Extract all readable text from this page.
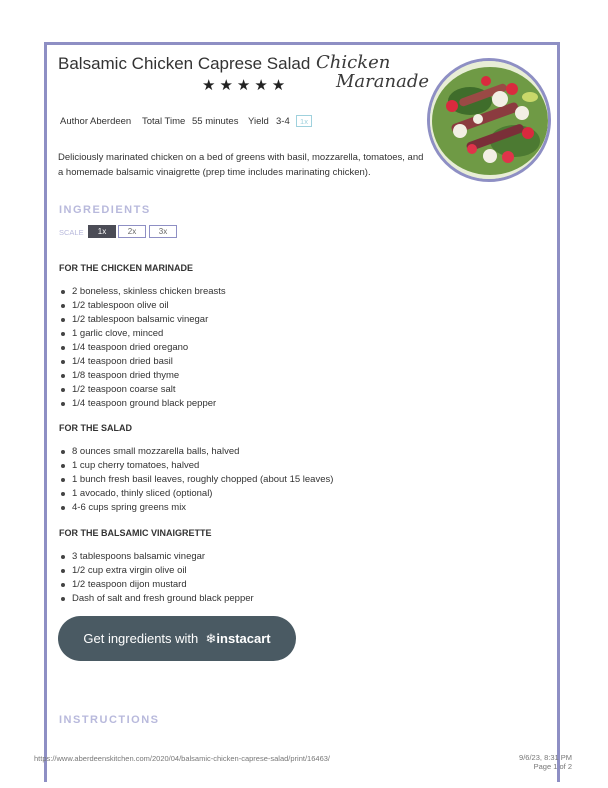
Balsamic Chicken Caprese Salad Chicken
Maranade
★★★★★
Author Aberdeen Total Time 55 minutes Yield 3-4	1x

Deliciously marinated chicken on a bed of greens with basil, mozzarella, tomatoes, and a homemade balsamic vinaigrette (prep time includes marinating chicken).

INGREDIENTS
SCALE	1x	2x	3x
FOR THE CHICKEN MARINADE
2 boneless, skinless chicken breasts
1/2 tablespoon olive oil
1/2 tablespoon balsamic vinegar
1 garlic clove, minced
1/4 teaspoon dried oregano
1/4 teaspoon dried basil
1/8 teaspoon dried thyme
1/2 teaspoon coarse salt
1/4 teaspoon ground black pepper
FOR THE SALAD
8 ounces small mozzarella balls, halved
1 cup cherry tomatoes, halved
1 bunch fresh basil leaves, roughly chopped (about 15 leaves)
1 avocado, thinly sliced (optional)
4-6 cups spring greens mix
FOR THE BALSAMIC VINAIGRETTE
3 tablespoons balsamic vinegar
1/2 cup extra virgin olive oil
1/2 teaspoon dijon mustard
Dash of salt and fresh ground black pepper
Get ingredients with  ❄instacart
INSTRUCTIONS
https://www.aberdeenskitchen.com/2020/04/balsamic-chicken-caprese-salad/print/16463/	9/6/23, 8:31 PM
Page 1 of 2
